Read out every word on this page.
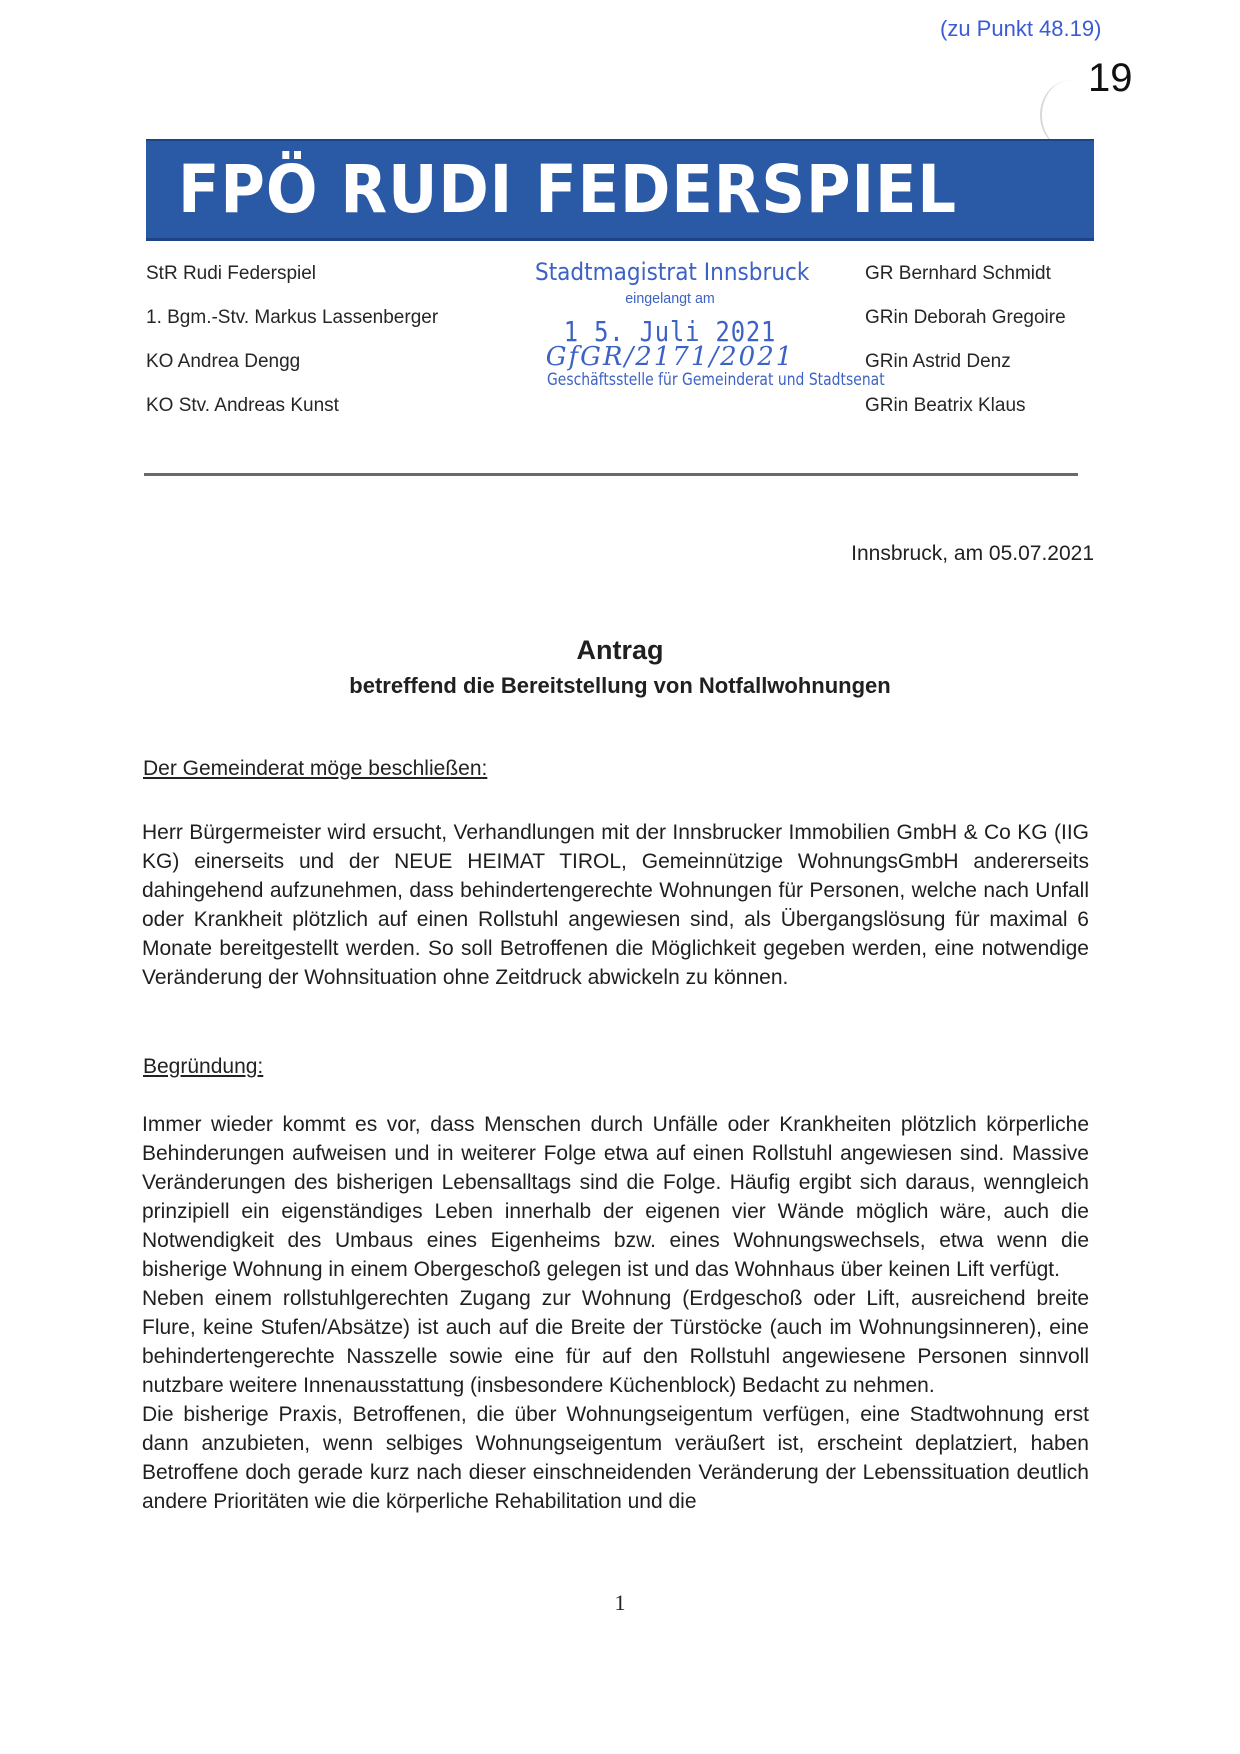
(zu Punkt 48.19)
19
FPÖ RUDI FEDERSPIEL
StR Rudi Federspiel
1. Bgm.-Stv. Markus Lassenberger
KO Andrea Dengg
KO Stv. Andreas Kunst
Stadtmagistrat Innsbruck
eingelangt am
1 5. Juli 2021
GfGR/2171/2021
Geschäftsstelle für Gemeinderat und Stadtsenat
GR Bernhard Schmidt
GRin Deborah Gregoire
GRin Astrid Denz
GRin Beatrix Klaus
Innsbruck, am 05.07.2021
Antrag
betreffend die Bereitstellung von Notfallwohnungen
Der Gemeinderat möge beschließen:
Herr Bürgermeister wird ersucht, Verhandlungen mit der Innsbrucker Immobilien GmbH & Co KG (IIG KG) einerseits und der NEUE HEIMAT TIROL, Gemeinnützige WohnungsGmbH andererseits dahingehend aufzunehmen, dass behindertengerechte Wohnungen für Personen, welche nach Unfall oder Krankheit plötzlich auf einen Rollstuhl angewiesen sind, als Übergangslösung für maximal 6 Monate bereitgestellt werden. So soll Betroffenen die Möglichkeit gegeben werden, eine notwendige Veränderung der Wohnsituation ohne Zeitdruck abwickeln zu können.
Begründung:

Immer wieder kommt es vor, dass Menschen durch Unfälle oder Krankheiten plötzlich körperliche Behinderungen aufweisen und in weiterer Folge etwa auf einen Rollstuhl angewiesen sind. Massive Veränderungen des bisherigen Lebensalltags sind die Folge. Häufig ergibt sich daraus, wenngleich prinzipiell ein eigenständiges Leben innerhalb der eigenen vier Wände möglich wäre, auch die Notwendigkeit des Umbaus eines Eigenheims bzw. eines Wohnungswechsels, etwa wenn die bisherige Wohnung in einem Obergeschoß gelegen ist und das Wohnhaus über keinen Lift verfügt.

Neben einem rollstuhlgerechten Zugang zur Wohnung (Erdgeschoß oder Lift, ausreichend breite Flure, keine Stufen/Absätze) ist auch auf die Breite der Türstöcke (auch im Wohnungsinneren), eine behindertengerechte Nasszelle sowie eine für auf den Rollstuhl angewiesene Personen sinnvoll nutzbare weitere Innenausstattung (insbesondere Küchenblock) Bedacht zu nehmen.

Die bisherige Praxis, Betroffenen, die über Wohnungseigentum verfügen, eine Stadtwohnung erst dann anzubieten, wenn selbiges Wohnungseigentum veräußert ist, erscheint deplatziert, haben Betroffene doch gerade kurz nach dieser einschneidenden Veränderung der Lebenssituation deutlich andere Prioritäten wie die körperliche Rehabilitation und die

1
